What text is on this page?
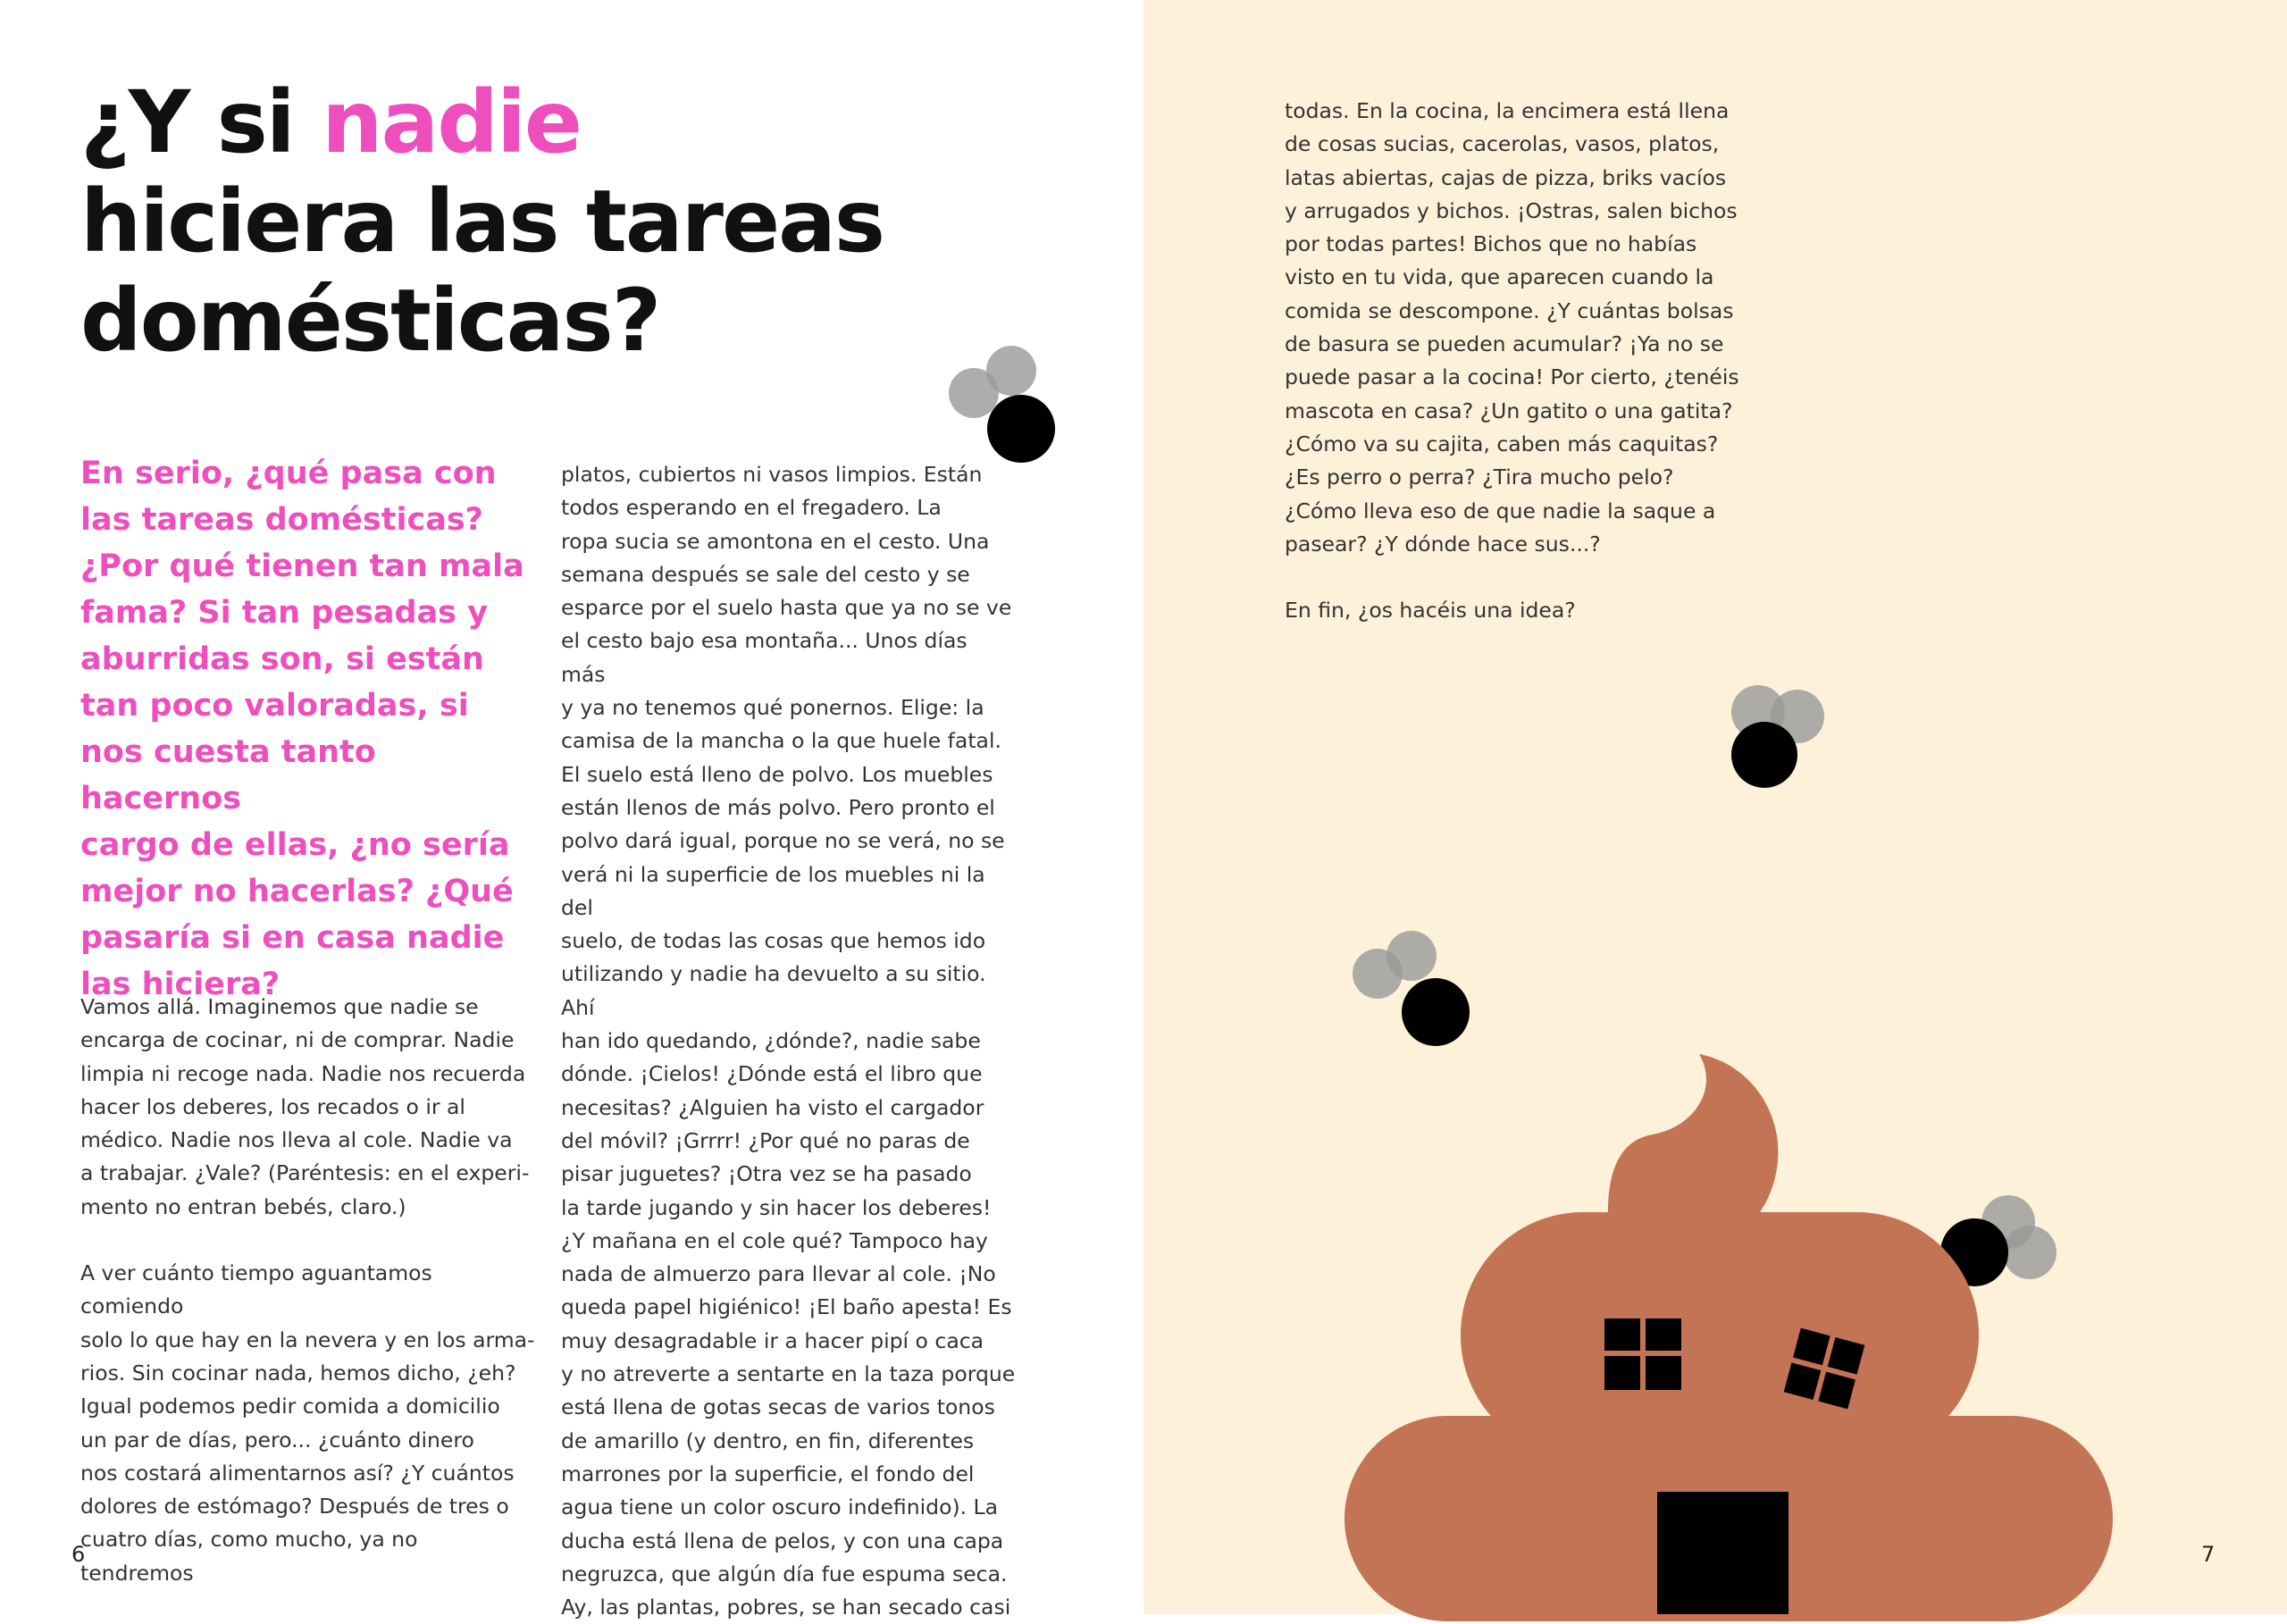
¿Y si nadie
hiciera las tareas
domésticas?
En serio, ¿qué pasa con
las tareas domésticas?
¿Por qué tienen tan mala
fama? Si tan pesadas y
aburridas son, si están
tan poco valoradas, si
nos cuesta tanto hacernos
cargo de ellas, ¿no sería
mejor no hacerlas? ¿Qué
pasaría si en casa nadie
las hiciera?

Vamos allá. Imaginemos que nadie se
encarga de cocinar, ni de comprar. Nadie
limpia ni recoge nada. Nadie nos recuerda
hacer los deberes, los recados o ir al
médico. Nadie nos lleva al cole. Nadie va
a trabajar. ¿Vale? (Paréntesis: en el experi-
mento no entran bebés, claro.)

A ver cuánto tiempo aguantamos comiendo
solo lo que hay en la nevera y en los arma-
rios. Sin cocinar nada, hemos dicho, ¿eh?
Igual podemos pedir comida a domicilio
un par de días, pero... ¿cuánto dinero
nos costará alimentarnos así? ¿Y cuántos
dolores de estómago? Después de tres o
cuatro días, como mucho, ya no tendremos

platos, cubiertos ni vasos limpios. Están
todos esperando en el fregadero. La
ropa sucia se amontona en el cesto. Una
semana después se sale del cesto y se
esparce por el suelo hasta que ya no se ve
el cesto bajo esa montaña... Unos días más
y ya no tenemos qué ponernos. Elige: la
camisa de la mancha o la que huele fatal.
El suelo está lleno de polvo. Los muebles
están llenos de más polvo. Pero pronto el
polvo dará igual, porque no se verá, no se
verá ni la superficie de los muebles ni la del
suelo, de todas las cosas que hemos ido
utilizando y nadie ha devuelto a su sitio. Ahí
han ido quedando, ¿dónde?, nadie sabe
dónde. ¡Cielos! ¿Dónde está el libro que
necesitas? ¿Alguien ha visto el cargador
del móvil? ¡Grrrr! ¿Por qué no paras de
pisar juguetes? ¡Otra vez se ha pasado
la tarde jugando y sin hacer los deberes!
¿Y mañana en el cole qué? Tampoco hay
nada de almuerzo para llevar al cole. ¡No
queda papel higiénico! ¡El baño apesta! Es
muy desagradable ir a hacer pipí o caca
y no atreverte a sentarte en la taza porque
está llena de gotas secas de varios tonos
de amarillo (y dentro, en fin, diferentes
marrones por la superficie, el fondo del
agua tiene un color oscuro indefinido). La
ducha está llena de pelos, y con una capa
negruzca, que algún día fue espuma seca.
Ay, las plantas, pobres, se han secado casi

todas. En la cocina, la encimera está llena
de cosas sucias, cacerolas, vasos, platos,
latas abiertas, cajas de pizza, briks vacíos
y arrugados y bichos. ¡Ostras, salen bichos
por todas partes! Bichos que no habías
visto en tu vida, que aparecen cuando la
comida se descompone. ¿Y cuántas bolsas
de basura se pueden acumular? ¡Ya no se
puede pasar a la cocina! Por cierto, ¿tenéis
mascota en casa? ¿Un gatito o una gatita?
¿Cómo va su cajita, caben más caquitas?
¿Es perro o perra? ¿Tira mucho pelo?
¿Cómo lleva eso de que nadie la saque a
pasear? ¿Y dónde hace sus...?

En fin, ¿os hacéis una idea?

6	7
